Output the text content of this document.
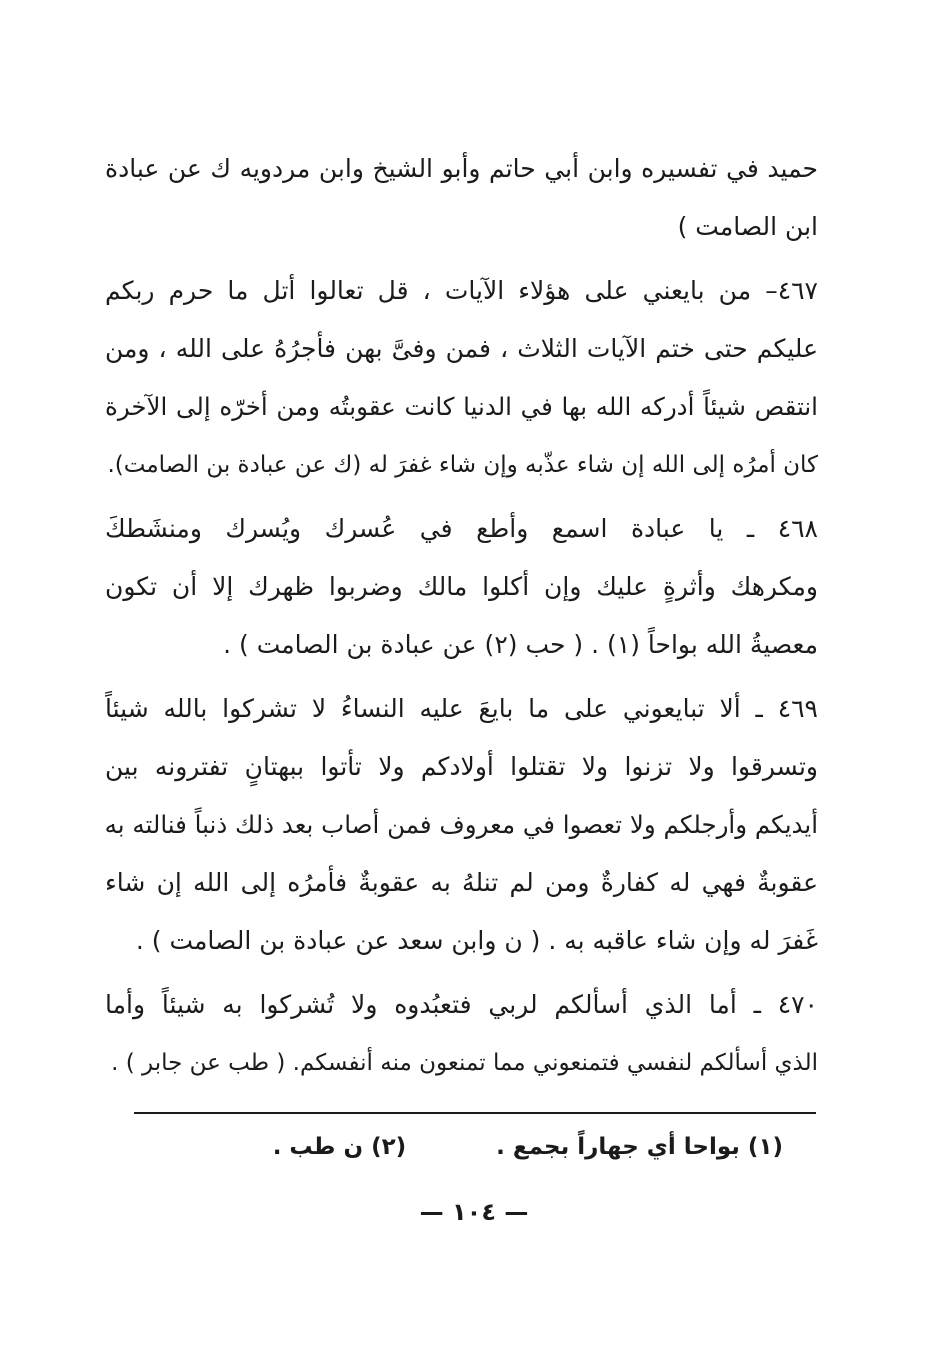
حميد في تفسيره وابن أبي حاتم وأبو الشيخ وابن مردويه ك عن عبادة
ابن الصامت )
٤٦٧– من بايعني على هؤلاء الآيات ، قل تعالوا أتل ما حرم ربكم
عليكم حتى ختم الآيات الثلاث ، فمن وفىَّ بهن فأجرُهُ على الله ، ومن
انتقص شيئاً أدركه الله بها في الدنيا كانت عقوبتُه ومن أخرّه إلى الآخرة
كان أمرُه إلى الله إن شاء عذّبه وإن شاء غفرَ له (ك عن عبادة بن الصامت).
٤٦٨ ـ يا عبادة اسمع وأطع في عُسرك ويُسرك ومنشَطكَ
ومكرهك وأثرةٍ عليك وإن أكلوا مالك وضربوا ظهرك إلا أن تكون
معصيةُ الله بواحاً (١) . ( حب (٢) عن عبادة بن الصامت ) .
٤٦٩ ـ ألا تبايعوني على ما بايعَ عليه النساءُ لا تشركوا بالله شيئاً
وتسرقوا ولا تزنوا ولا تقتلوا أولادكم ولا تأتوا ببهتانٍ تفترونه بين
أيديكم وأرجلكم ولا تعصوا في معروف فمن أصاب بعد ذلك ذنباً فنالته به
عقوبةٌ فهي له كفارةٌ ومن لم تنلهُ به عقوبةٌ فأمرُه إلى الله إن شاء
غَفرَ له وإن شاء عاقبه به . ( ن وابن سعد عن عبادة بن الصامت ) .
٤٧٠ ـ أما الذي أسألكم لربي فتعبُدوه ولا تُشركوا به شيئاً وأما
الذي أسألكم لنفسي فتمنعوني مما تمنعون منه أنفسكم. ( طب عن جابر ) .
(١) بواحا أي جهاراً بجمع .(٢) ن طب .
— ١٠٤ —
